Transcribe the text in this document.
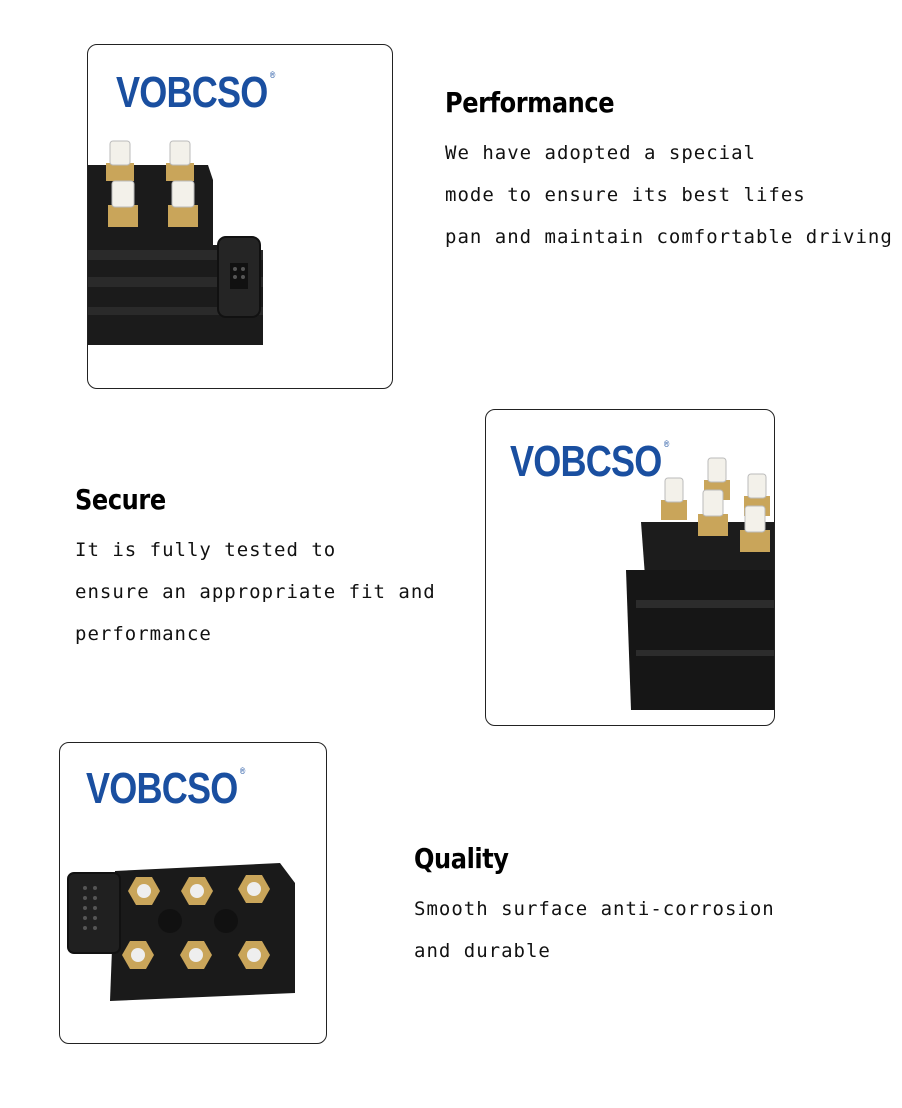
VOBCSO ®
Performance

We have adopted a special

mode to ensure its best lifes

pan and maintain comfortable driving

VOBCSO ®
Secure

It is fully tested to

ensure an appropriate fit and

performance

VOBCSO ®
Quality

Smooth surface anti-corrosion

and durable
